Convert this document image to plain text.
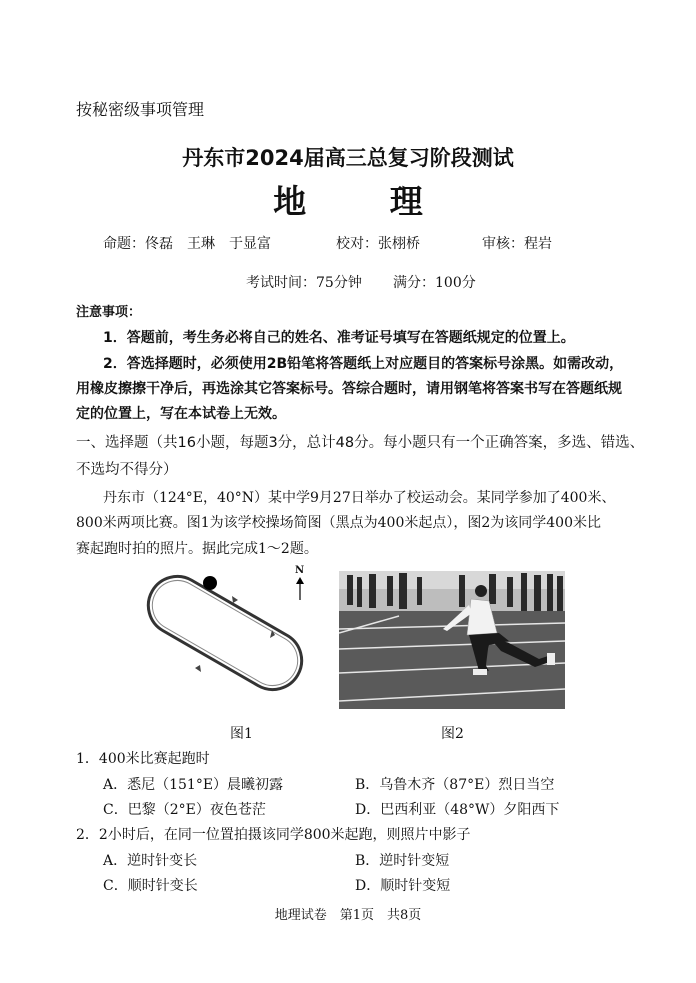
按秘密级事项管理
丹东市2024届高三总复习阶段测试
地 理
命题：佟磊　王琳　于显富	校对：张栩桥	审核：程岩
考试时间：75分钟 满分：100分
注意事项：
1．答题前，考生务必将自己的姓名、准考证号填写在答题纸规定的位置上。
2．答选择题时，必须使用2B铅笔将答题纸上对应题目的答案标号涂黑。如需改动，
用橡皮擦擦干净后，再选涂其它答案标号。答综合题时，请用钢笔将答案书写在答题纸规
定的位置上，写在本试卷上无效。
一、选择题（共16小题，每题3分，总计48分。每小题只有一个正确答案，多选、错选、
不选均不得分）
丹东市（124°E，40°N）某中学9月27日举办了校运动会。某同学参加了400米、
800米两项比赛。图1为该学校操场简图（黑点为400米起点），图2为该同学400米比
赛起跑时拍的照片。据此完成1～2题。
N
图1	图2
1．400米比赛起跑时
A．悉尼（151°E）晨曦初露	B．乌鲁木齐（87°E）烈日当空
C．巴黎（2°E）夜色苍茫	D．巴西利亚（48°W）夕阳西下
2．2小时后，在同一位置拍摄该同学800米起跑，则照片中影子
A．逆时针变长	B．逆时针变短
C．顺时针变长	D．顺时针变短
地理试卷　第1页　共8页
